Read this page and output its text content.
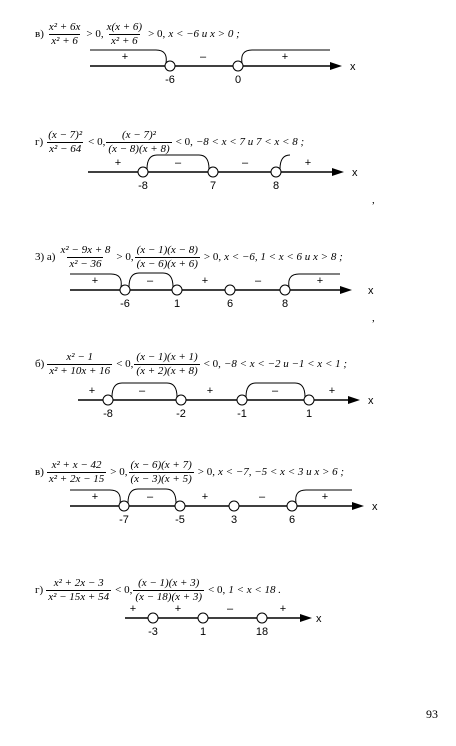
$в) \frac{\text{x² + 6x}}{\text{x² + 6}} > 0$, $\frac{x(x + 6)}{\text{x² + 6}} > 0$, x < −6 и x > 0 ;
x
-6	0
+	–	+
$г) \frac{\text{(x − 7)²}}{\text{x² − 64}} < 0$, $\frac{\text{(x − 7)²}}{(x - 8)(x + 8)} < 0$, −8 < x < 7 и 7 < x < 8 ;
x
-8	7	8
+	–	–	+
,
3) $а) \frac{\text{x² − 9x + 8}}{\text{x² − 36}} > 0$, $\frac{(x - 1)(x - 8)}{(x - 6)(x + 6)} > 0$, x < −6, 1 < x < 6 и x > 8 ;
x
-6	1	6	8
+	–	+	–	+
,
$б) \frac{\text{x² − 1}}{\text{x² + 10x + 16}} < 0$, $\frac{(x - 1)(x + 1)}{(x + 2)(x + 8)} < 0$, −8 < x < −2 и −1 < x < 1 ;
x
-8	-2	-1	1
+	–	+	–	+
$в) \frac{\text{x² + x − 42}}{\text{x² + 2x − 15}} > 0$, $\frac{(x - 6)(x + 7)}{(x - 3)(x + 5)} > 0$, x < −7, −5 < x < 3 и x > 6 ;
x
-7	-5	3	6
+	–	+	–	+
$г) \frac{\text{x² + 2x − 3}}{\text{x² − 15x + 54}} < 0$, $\frac{(x - 1)(x + 3)}{(x - 18)(x + 3)} < 0$, 1 < x < 18 .
x
-3	1	18
+	+	–	+
93
